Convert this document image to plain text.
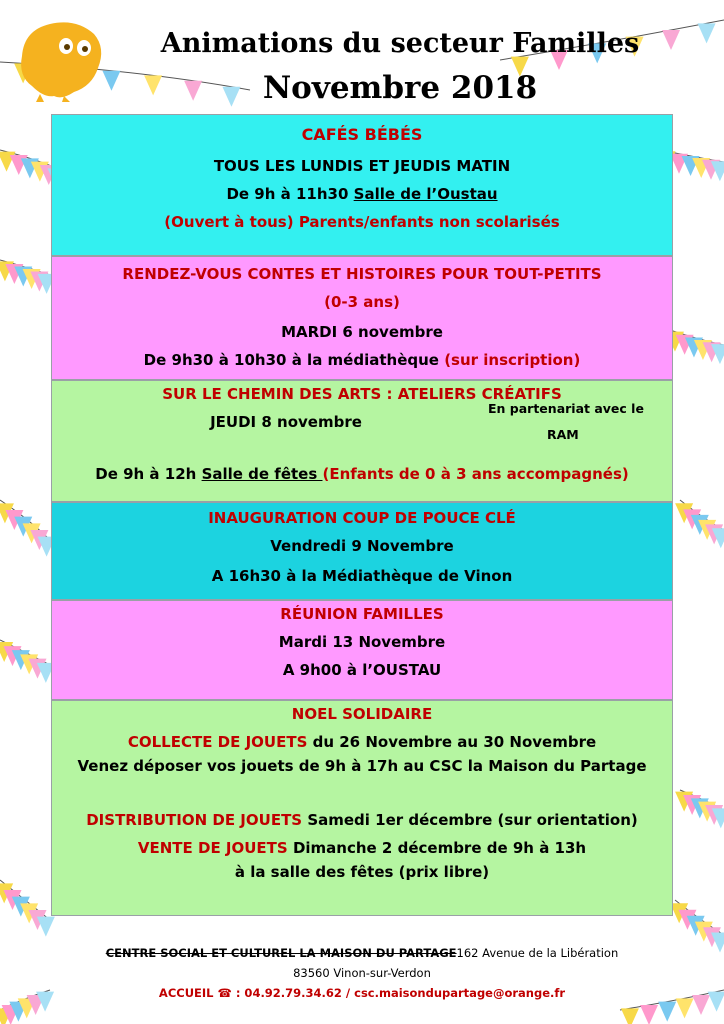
Animations du secteur Familles
Novembre 2018
CAFÉS BÉBÉS
TOUS LES LUNDIS ET JEUDIS MATIN
De 9h à 11h30 Salle de l’Oustau
(Ouvert à tous) Parents/enfants non scolarisés
RENDEZ-VOUS CONTES ET HISTOIRES POUR TOUT-PETITS
(0-3 ans)
MARDI 6 novembre
De 9h30 à 10h30 à la médiathèque (sur inscription)
SUR LE CHEMIN DES ARTS : ATELIERS CRÉATIFS
JEUDI 8 novembre
En partenariat avec le
RAM
De 9h à 12h Salle de fêtes (Enfants de 0 à 3 ans accompagnés)
INAUGURATION COUP DE POUCE CLÉ
Vendredi 9 Novembre
A 16h30 à la Médiathèque de Vinon
RÉUNION FAMILLES
Mardi 13 Novembre
A 9h00 à l’OUSTAU
NOEL SOLIDAIRE
COLLECTE DE JOUETS du 26 Novembre au 30 Novembre
Venez déposer vos jouets de 9h à 17h au CSC la Maison du Partage
DISTRIBUTION DE JOUETS Samedi 1er décembre (sur orientation)
VENTE DE JOUETS Dimanche 2 décembre de 9h à 13h
à la salle des fêtes (prix libre)
CENTRE SOCIAL ET CULTUREL LA MAISON DU PARTAGE162 Avenue de la Libération
83560 Vinon-sur-Verdon
ACCUEIL ☎ : 04.92.79.34.62 / csc.maisondupartage@orange.fr
